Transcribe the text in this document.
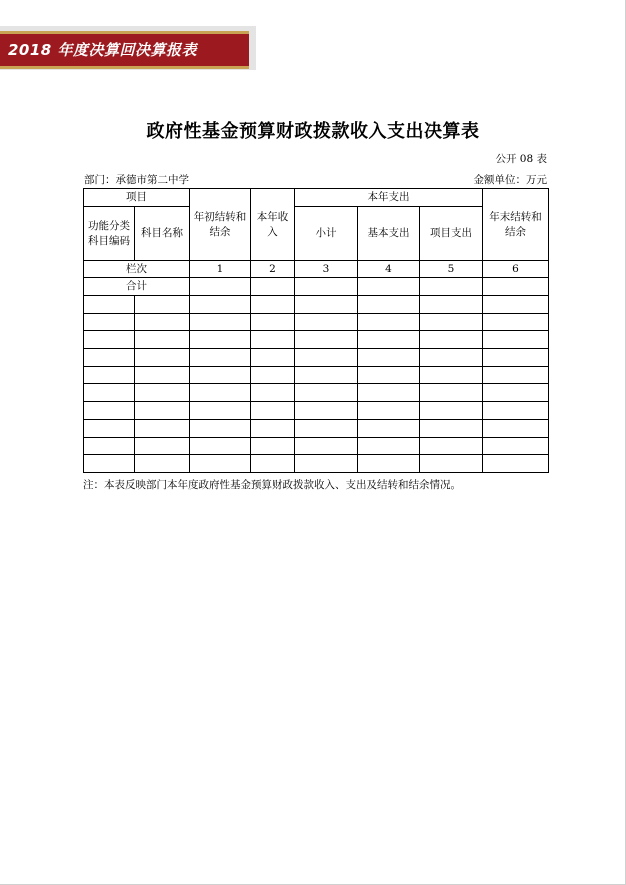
2018 年度决算回决算报表
政府性基金预算财政拨款收入支出决算表
公开 08 表
部门：承德市第二中学	金额单位：万元
项目		年初结转和结余	本年收入	本年支出			年末结转和结余
功能分类科目编码	科目名称			小计	基本支出	项目支出	
栏次		1	2	3	4	5	6
合计							

注：本表反映部门本年度政府性基金预算财政拨款收入、支出及结转和结余情况。
